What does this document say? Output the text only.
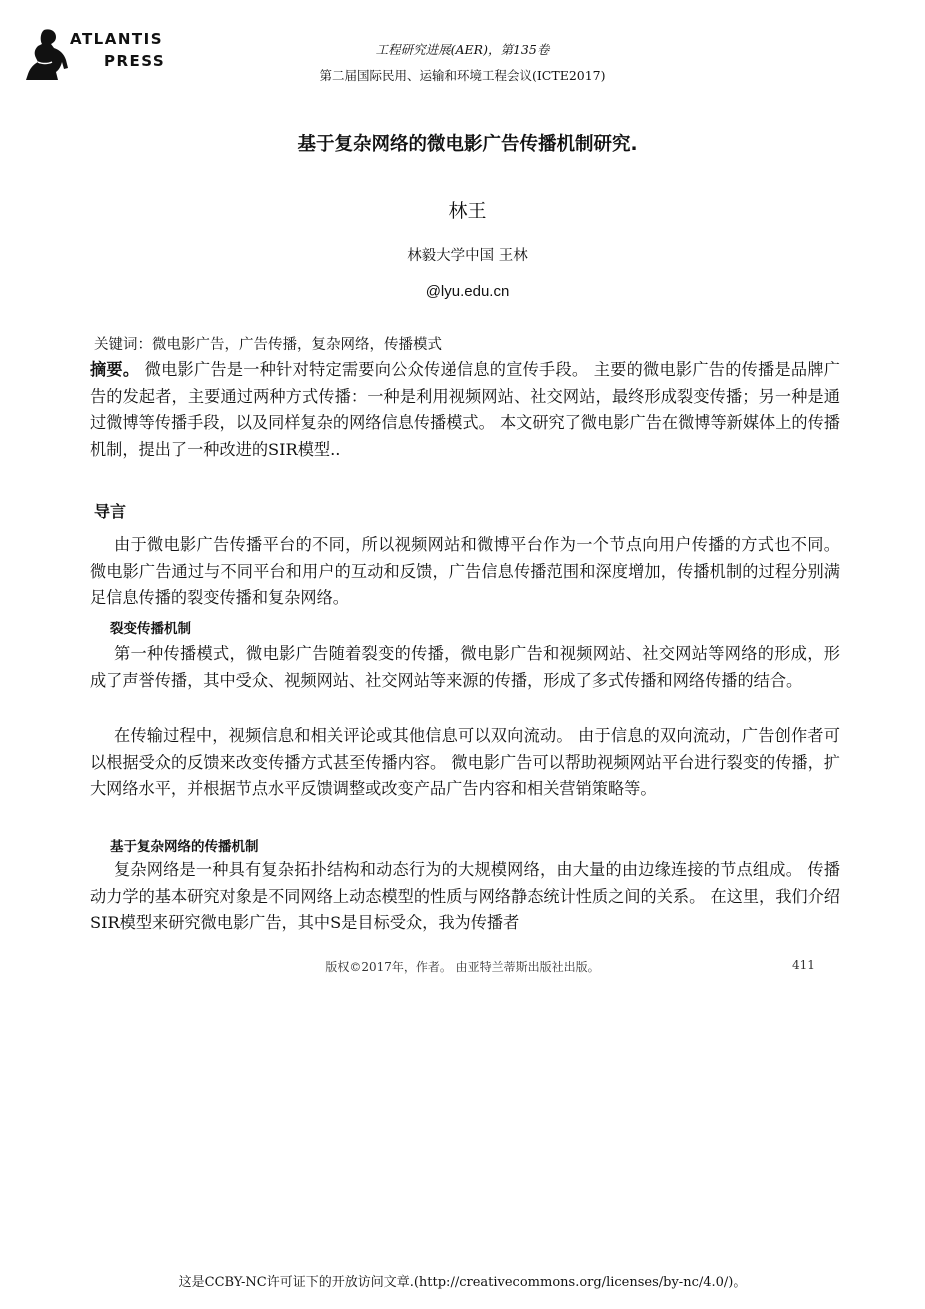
ATLANTIS
PRESS
工程研究进展(AER)，第135卷
第二届国际民用、运输和环境工程会议(ICTE2017)
基于复杂网络的微电影广告传播机制研究.
林王
林毅大学中国 王林
@lyu.edu.cn
关键词：微电影广告，广告传播，复杂网络，传播模式

摘要。 微电影广告是一种针对特定需要向公众传递信息的宣传手段。 主要的微电影广告的传播是品牌广告的发起者，主要通过两种方式传播：一种是利用视频网站、社交网站，最终形成裂变传播；另一种是通过微博等传播手段，以及同样复杂的网络信息传播模式。 本文研究了微电影广告在微博等新媒体上的传播机制，提出了一种改进的SIR模型..

导言

由于微电影广告传播平台的不同，所以视频网站和微博平台作为一个节点向用户传播的方式也不同。 微电影广告通过与不同平台和用户的互动和反馈，广告信息传播范围和深度增加，传播机制的过程分别满足信息传播的裂变传播和复杂网络。

裂变传播机制

第一种传播模式，微电影广告随着裂变的传播，微电影广告和视频网站、社交网站等网络的形成，形成了声誉传播，其中受众、视频网站、社交网站等来源的传播，形成了多式传播和网络传播的结合。

在传输过程中，视频信息和相关评论或其他信息可以双向流动。 由于信息的双向流动，广告创作者可以根据受众的反馈来改变传播方式甚至传播内容。 微电影广告可以帮助视频网站平台进行裂变的传播，扩大网络水平，并根据节点水平反馈调整或改变产品广告内容和相关营销策略等。

基于复杂网络的传播机制

复杂网络是一种具有复杂拓扑结构和动态行为的大规模网络，由大量的由边缘连接的节点组成。 传播动力学的基本研究对象是不同网络上动态模型的性质与网络静态统计性质之间的关系。 在这里，我们介绍SIR模型来研究微电影广告，其中S是目标受众，我为传播者

版权©2017年，作者。 由亚特兰蒂斯出版社出版。	411
这是CCBY-NC许可证下的开放访问文章.(http://creativecommons.org/licenses/by-nc/4.0/)。
